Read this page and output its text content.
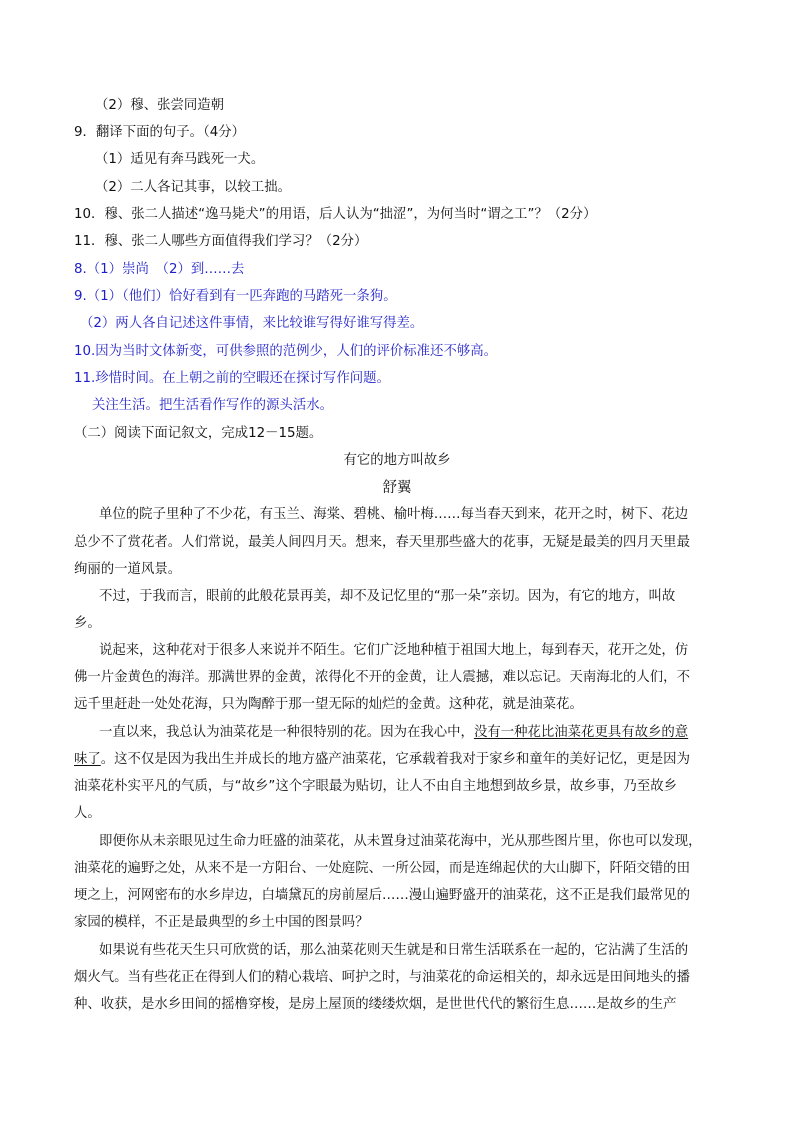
（2）穆、张尝同造朝
9．翻译下面的句子。（4分）
（1）适见有奔马践死一犬。
（2）二人各记其事，以较工拙。
10．穆、张二人描述“逸马毙犬”的用语，后人认为“拙涩”，为何当时“谓之工”？（2分）
11．穆、张二人哪些方面值得我们学习？（2分）
8.（1）崇尚　（2）到……去
9.（1）（他们）恰好看到有一匹奔跑的马踏死一条狗。
（2）两人各自记述这件事情，来比较谁写得好谁写得差。
10.因为当时文体新变，可供参照的范例少，人们的评价标准还不够高。
11.珍惜时间。在上朝之前的空暇还在探讨写作问题。
关注生活。把生活看作写作的源头活水。
（二）阅读下面记叙文，完成12－15题。
有它的地方叫故乡
舒翼
单位的院子里种了不少花，有玉兰、海棠、碧桃、榆叶梅……每当春天到来，花开之时，树下、花边
总少不了赏花者。人们常说，最美人间四月天。想来，春天里那些盛大的花事，无疑是最美的四月天里最
绚丽的一道风景。
不过，于我而言，眼前的此般花景再美，却不及记忆里的“那一朵”亲切。因为，有它的地方，叫故
乡。
说起来，这种花对于很多人来说并不陌生。它们广泛地种植于祖国大地上，每到春天，花开之处，仿
佛一片金黄色的海洋。那满世界的金黄，浓得化不开的金黄，让人震撼，难以忘记。天南海北的人们，不
远千里赶赴一处处花海，只为陶醉于那一望无际的灿烂的金黄。这种花，就是油菜花。
一直以来，我总认为油菜花是一种很特别的花。因为在我心中，没有一种花比油菜花更具有故乡的意
味了。这不仅是因为我出生并成长的地方盛产油菜花，它承载着我对于家乡和童年的美好记忆，更是因为
油菜花朴实平凡的气质，与“故乡”这个字眼最为贴切，让人不由自主地想到故乡景，故乡事，乃至故乡
人。
即便你从未亲眼见过生命力旺盛的油菜花，从未置身过油菜花海中，光从那些图片里，你也可以发现，
油菜花的遍野之处，从来不是一方阳台、一处庭院、一所公园，而是连绵起伏的大山脚下，阡陌交错的田
埂之上，河网密布的水乡岸边，白墙黛瓦的房前屋后……漫山遍野盛开的油菜花，这不正是我们最常见的
家园的模样，不正是最典型的乡土中国的图景吗？
如果说有些花天生只可欣赏的话，那么油菜花则天生就是和日常生活联系在一起的，它沾满了生活的
烟火气。当有些花正在得到人们的精心栽培、呵护之时，与油菜花的命运相关的，却永远是田间地头的播
种、收获，是水乡田间的摇橹穿梭，是房上屋顶的缕缕炊烟，是世世代代的繁衍生息……是故乡的生产
